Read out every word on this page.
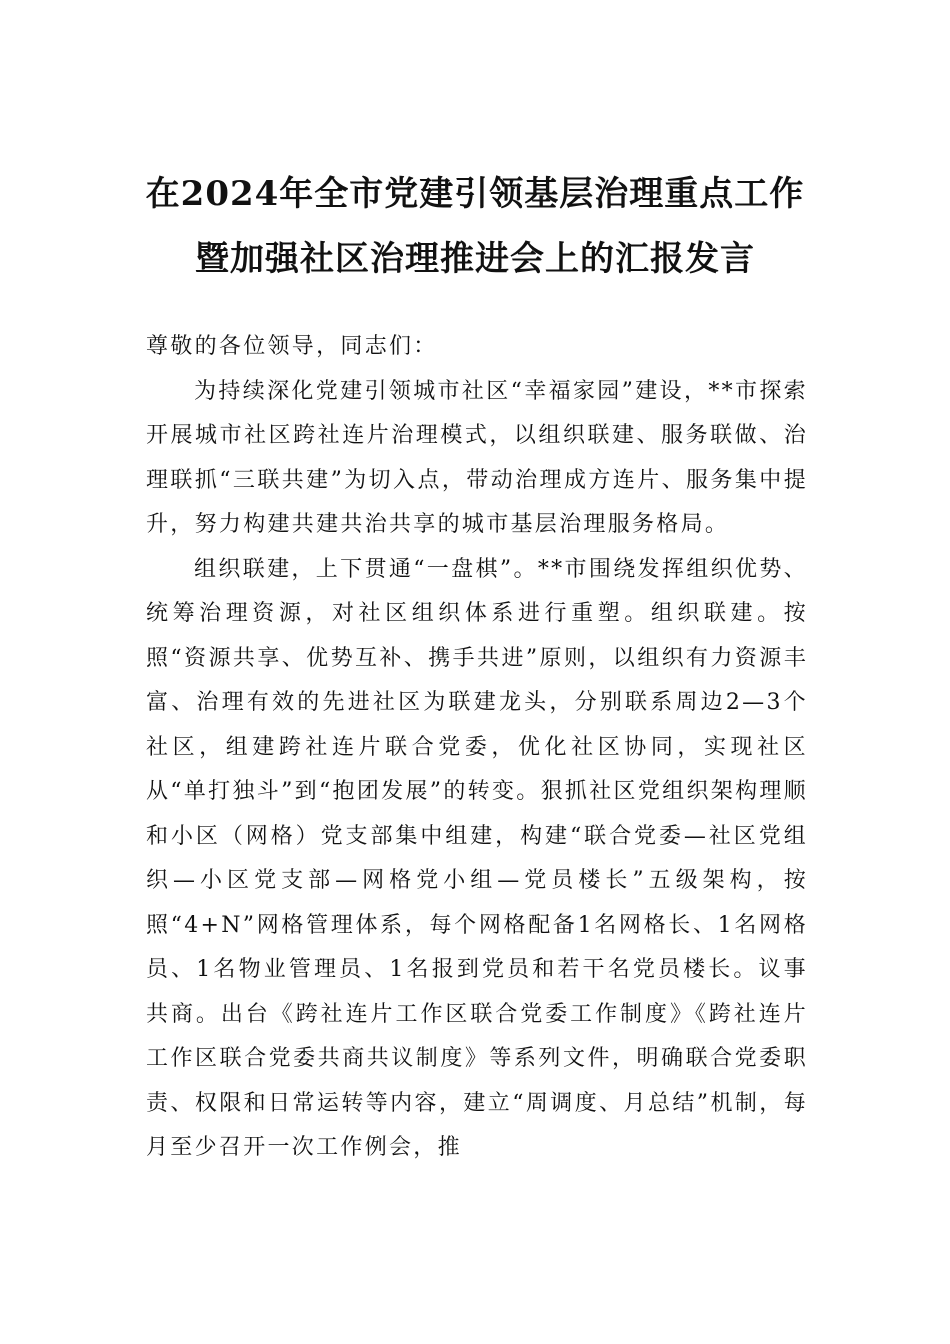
在2024年全市党建引领基层治理重点工作
暨加强社区治理推进会上的汇报发言

尊敬的各位领导，同志们：

为持续深化党建引领城市社区“幸福家园”建设，**市探索开展城市社区跨社连片治理模式，以组织联建、服务联做、治理联抓“三联共建”为切入点，带动治理成方连片、服务集中提升，努力构建共建共治共享的城市基层治理服务格局。

组织联建，上下贯通“一盘棋”。**市围绕发挥组织优势、统筹治理资源，对社区组织体系进行重塑。组织联建。按照“资源共享、优势互补、携手共进”原则，以组织有力资源丰富、治理有效的先进社区为联建龙头，分别联系周边2—3个社区，组建跨社连片联合党委，优化社区协同，实现社区从“单打独斗”到“抱团发展”的转变。狠抓社区党组织架构理顺和小区（网格）党支部集中组建，构建“联合党委—社区党组织—小区党支部—网格党小组—党员楼长”五级架构，按照“4+N”网格管理体系，每个网格配备1名网格长、1名网格员、1名物业管理员、1名报到党员和若干名党员楼长。议事共商。出台《跨社连片工作区联合党委工作制度》《跨社连片工作区联合党委共商共议制度》等系列文件，明确联合党委职责、权限和日常运转等内容，建立“周调度、月总结”机制，每月至少召开一次工作例会，推
